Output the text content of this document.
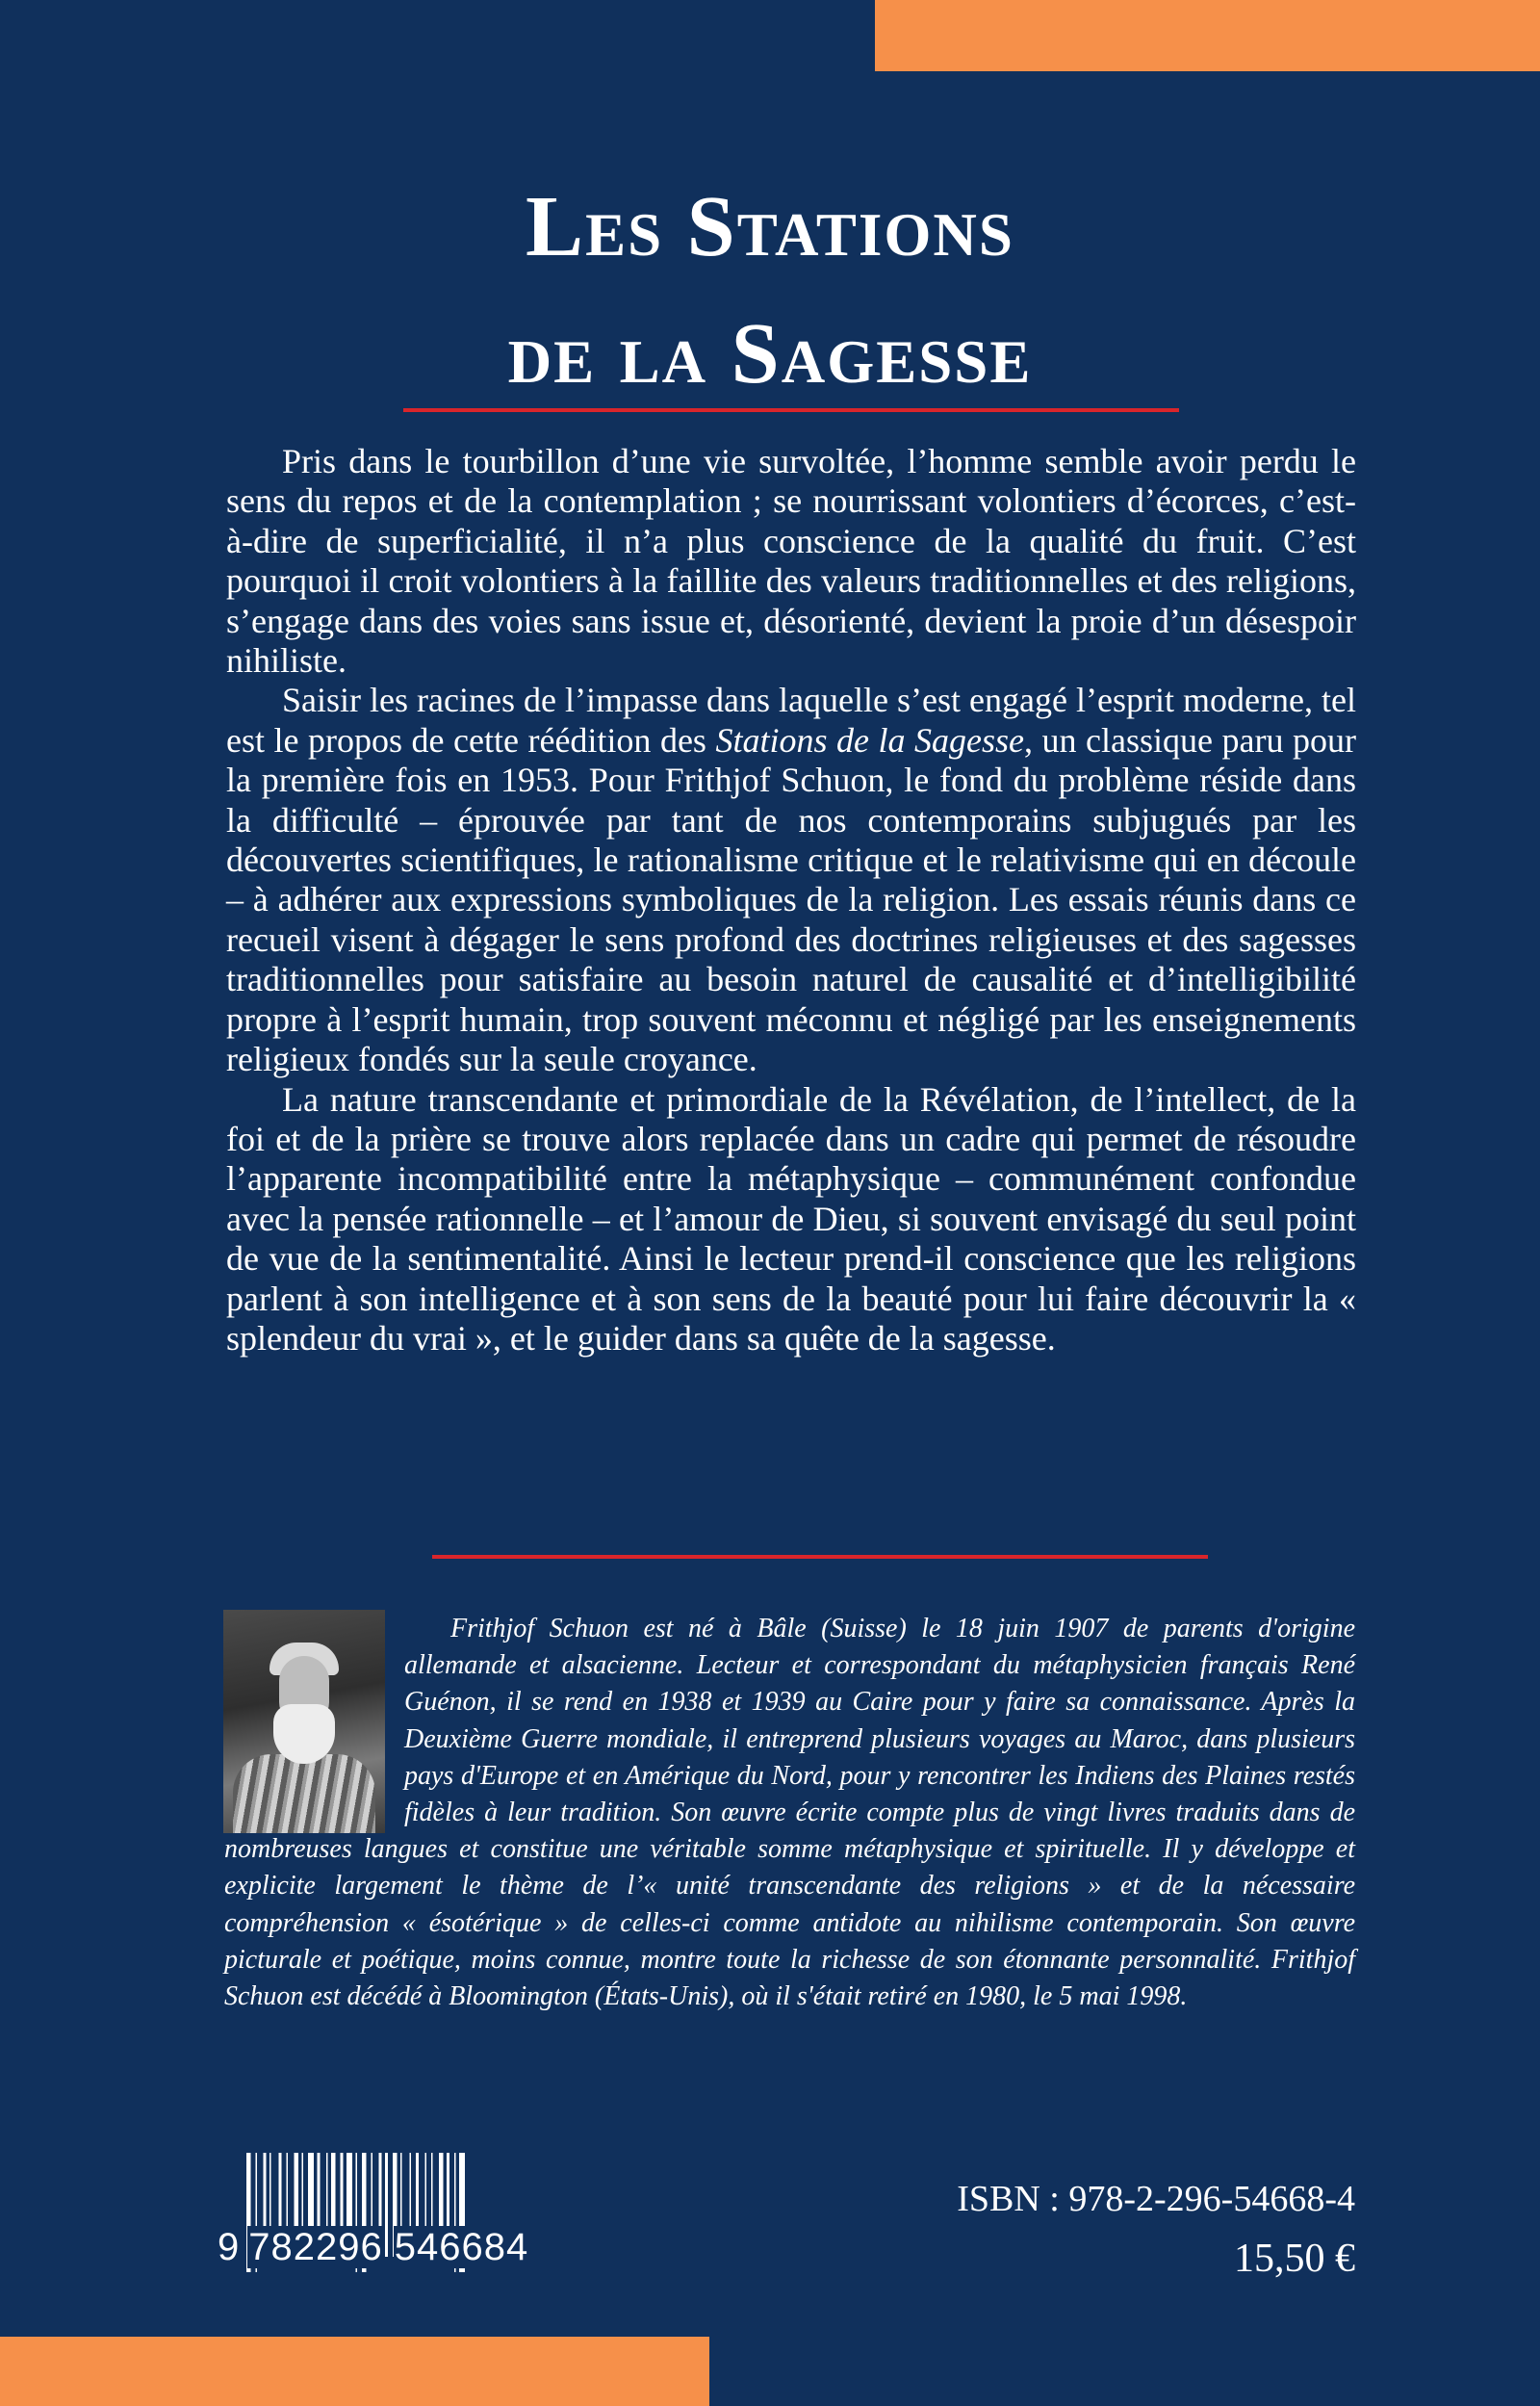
Les Stations
de la Sagesse

Pris dans le tourbillon d’une vie survoltée, l’homme semble avoir perdu le sens du repos et de la contemplation ; se nourrissant volontiers d’écorces, c’est-à-dire de superficialité, il n’a plus conscience de la qualité du fruit. C’est pourquoi il croit volontiers à la faillite des valeurs traditionnelles et des religions, s’engage dans des voies sans issue et, désorienté, devient la proie d’un désespoir nihiliste.

Saisir les racines de l’impasse dans laquelle s’est engagé l’esprit moderne, tel est le propos de cette réédition des Stations de la Sagesse, un classique paru pour la première fois en 1953. Pour Frithjof Schuon, le fond du problème réside dans la difficulté – éprouvée par tant de nos contemporains subjugués par les découvertes scientifiques, le rationalisme critique et le relativisme qui en découle – à adhérer aux expressions symboliques de la religion. Les essais réunis dans ce recueil visent à dégager le sens profond des doctrines religieuses et des sagesses traditionnelles pour satisfaire au besoin naturel de causalité et d’intelligibilité propre à l’esprit humain, trop souvent méconnu et négligé par les enseignements religieux fondés sur la seule croyance.

La nature transcendante et primordiale de la Révélation, de l’intellect, de la foi et de la prière se trouve alors replacée dans un cadre qui permet de résoudre l’apparente incompatibilité entre la métaphysique – communément confondue avec la pensée rationnelle – et l’amour de Dieu, si souvent envisagé du seul point de vue de la sentimentalité. Ainsi le lecteur prend-il conscience que les religions parlent à son intelligence et à son sens de la beauté pour lui faire découvrir la « splendeur du vrai », et le guider dans sa quête de la sagesse.

Frithjof Schuon est né à Bâle (Suisse) le 18 juin 1907 de parents d'origine allemande et alsacienne. Lecteur et correspondant du métaphysicien français René Guénon, il se rend en 1938 et 1939 au Caire pour y faire sa connaissance. Après la Deuxième Guerre mondiale, il entreprend plusieurs voyages au Maroc, dans plusieurs pays d'Europe et en Amérique du Nord, pour y rencontrer les Indiens des Plaines restés fidèles à leur tradition. Son œuvre écrite compte plus de vingt livres traduits dans de nombreuses langues et constitue une véritable somme métaphysique et spirituelle. Il y développe et explicite largement le thème de l’« unité transcendante des religions » et de la nécessaire compréhension « ésotérique » de celles-ci comme antidote au nihilisme contemporain. Son œuvre picturale et poétique, moins connue, montre toute la richesse de son étonnante personnalité. Frithjof Schuon est décédé à Bloomington (États-Unis), où il s'était retiré en 1980, le 5 mai 1998.

9 782296 546684
ISBN : 978-2-296-54668-4
15,50 €
